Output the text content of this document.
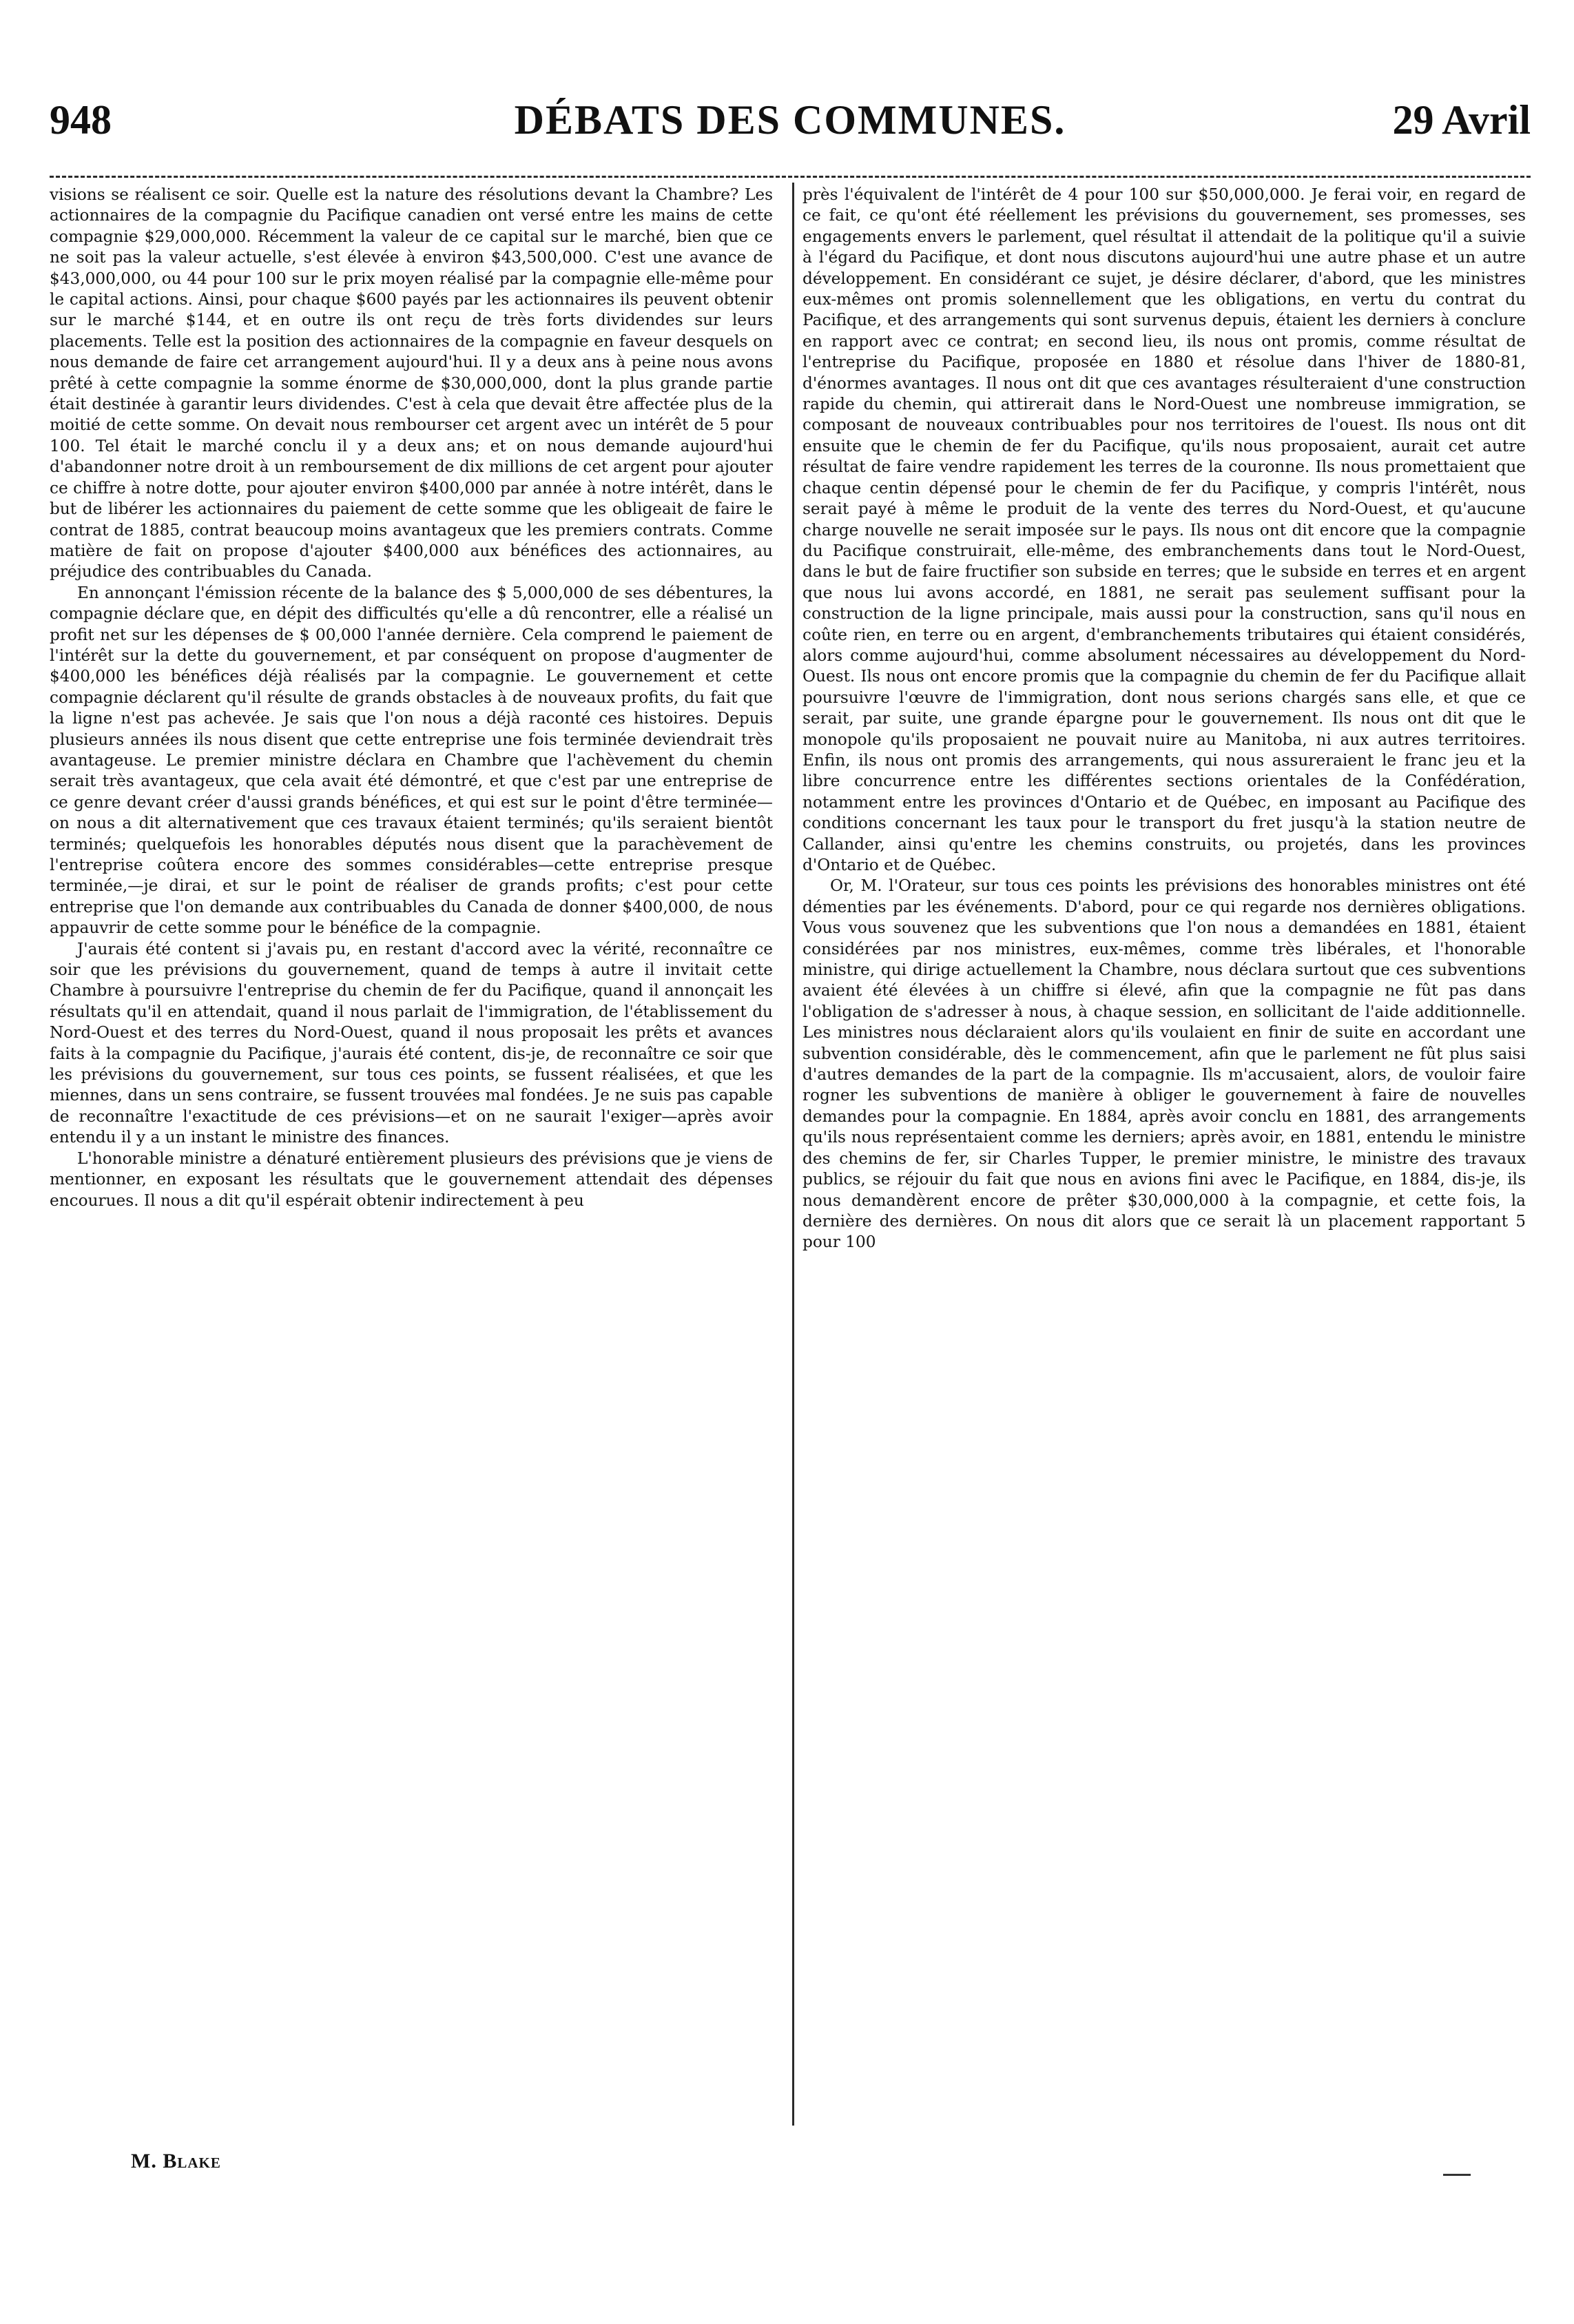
948	DÉBATS DES COMMUNES.	29 Avril

visions se réalisent ce soir. Quelle est la nature des résolutions devant la Chambre? Les actionnaires de la compagnie du Pacifique canadien ont versé entre les mains de cette compagnie $29,000,000. Récemment la valeur de ce capital sur le marché, bien que ce ne soit pas la valeur actuelle, s'est élevée à environ $43,500,000. C'est une avance de $43,000,000, ou 44 pour 100 sur le prix moyen réalisé par la compagnie elle-même pour le capital actions. Ainsi, pour chaque $600 payés par les actionnaires ils peuvent obtenir sur le marché $144, et en outre ils ont reçu de très forts dividendes sur leurs placements. Telle est la position des actionnaires de la compagnie en faveur desquels on nous demande de faire cet arrangement aujourd'hui. Il y a deux ans à peine nous avons prêté à cette compagnie la somme énorme de $30,000,000, dont la plus grande partie était destinée à garantir leurs dividendes. C'est à cela que devait être affectée plus de la moitié de cette somme. On devait nous rembourser cet argent avec un intérêt de 5 pour 100. Tel était le marché conclu il y a deux ans; et on nous demande aujourd'hui d'abandonner notre droit à un remboursement de dix millions de cet argent pour ajouter ce chiffre à notre dotte, pour ajouter environ $400,000 par année à notre intérêt, dans le but de libérer les actionnaires du paiement de cette somme que les obligeait de faire le contrat de 1885, contrat beaucoup moins avantageux que les premiers contrats. Comme matière de fait on propose d'ajouter $400,000 aux bénéfices des actionnaires, au préjudice des contribuables du Canada.

En annonçant l'émission récente de la balance des $ 5,000,000 de ses débentures, la compagnie déclare que, en dépit des difficultés qu'elle a dû rencontrer, elle a réalisé un profit net sur les dépenses de $ 00,000 l'année dernière. Cela comprend le paiement de l'intérêt sur la dette du gouvernement, et par conséquent on propose d'augmenter de $400,000 les bénéfices déjà réalisés par la compagnie. Le gouvernement et cette compagnie déclarent qu'il résulte de grands obstacles à de nouveaux profits, du fait que la ligne n'est pas achevée. Je sais que l'on nous a déjà raconté ces histoires. Depuis plusieurs années ils nous disent que cette entreprise une fois terminée deviendrait très avantageuse. Le premier ministre déclara en Chambre que l'achèvement du chemin serait très avantageux, que cela avait été démontré, et que c'est par une entreprise de ce genre devant créer d'aussi grands bénéfices, et qui est sur le point d'être terminée—on nous a dit alternativement que ces travaux étaient terminés; qu'ils seraient bientôt terminés; quelquefois les honorables députés nous disent que la parachèvement de l'entreprise coûtera encore des sommes considérables—cette entreprise presque terminée,—je dirai, et sur le point de réaliser de grands profits; c'est pour cette entreprise que l'on demande aux contribuables du Canada de donner $400,000, de nous appauvrir de cette somme pour le bénéfice de la compagnie.

J'aurais été content si j'avais pu, en restant d'accord avec la vérité, reconnaître ce soir que les prévisions du gouvernement, quand de temps à autre il invitait cette Chambre à poursuivre l'entreprise du chemin de fer du Pacifique, quand il annonçait les résultats qu'il en attendait, quand il nous parlait de l'immigration, de l'établissement du Nord-Ouest et des terres du Nord-Ouest, quand il nous proposait les prêts et avances faits à la compagnie du Pacifique, j'aurais été content, dis-je, de reconnaître ce soir que les prévisions du gouvernement, sur tous ces points, se fussent réalisées, et que les miennes, dans un sens contraire, se fussent trouvées mal fondées. Je ne suis pas capable de reconnaître l'exactitude de ces prévisions—et on ne saurait l'exiger—après avoir entendu il y a un instant le ministre des finances.

L'honorable ministre a dénaturé entièrement plusieurs des prévisions que je viens de mentionner, en exposant les résultats que le gouvernement attendait des dépenses encourues. Il nous a dit qu'il espérait obtenir indirectement à peu

près l'équivalent de l'intérêt de 4 pour 100 sur $50,000,000. Je ferai voir, en regard de ce fait, ce qu'ont été réellement les prévisions du gouvernement, ses promesses, ses engagements envers le parlement, quel résultat il attendait de la politique qu'il a suivie à l'égard du Pacifique, et dont nous discutons aujourd'hui une autre phase et un autre développement. En considérant ce sujet, je désire déclarer, d'abord, que les ministres eux-mêmes ont promis solennellement que les obligations, en vertu du contrat du Pacifique, et des arrangements qui sont survenus depuis, étaient les derniers à conclure en rapport avec ce contrat; en second lieu, ils nous ont promis, comme résultat de l'entreprise du Pacifique, proposée en 1880 et résolue dans l'hiver de 1880-81, d'énormes avantages. Il nous ont dit que ces avantages résulteraient d'une construction rapide du chemin, qui attirerait dans le Nord-Ouest une nombreuse immigration, se composant de nouveaux contribuables pour nos territoires de l'ouest. Ils nous ont dit ensuite que le chemin de fer du Pacifique, qu'ils nous proposaient, aurait cet autre résultat de faire vendre rapidement les terres de la couronne. Ils nous promettaient que chaque centin dépensé pour le chemin de fer du Pacifique, y compris l'intérêt, nous serait payé à même le produit de la vente des terres du Nord-Ouest, et qu'aucune charge nouvelle ne serait imposée sur le pays. Ils nous ont dit encore que la compagnie du Pacifique construirait, elle-même, des embranchements dans tout le Nord-Ouest, dans le but de faire fructifier son subside en terres; que le subside en terres et en argent que nous lui avons accordé, en 1881, ne serait pas seulement suffisant pour la construction de la ligne principale, mais aussi pour la construction, sans qu'il nous en coûte rien, en terre ou en argent, d'embranchements tributaires qui étaient considérés, alors comme aujourd'hui, comme absolument nécessaires au développement du Nord-Ouest. Ils nous ont encore promis que la compagnie du chemin de fer du Pacifique allait poursuivre l'œuvre de l'immigration, dont nous serions chargés sans elle, et que ce serait, par suite, une grande épargne pour le gouvernement. Ils nous ont dit que le monopole qu'ils proposaient ne pouvait nuire au Manitoba, ni aux autres territoires. Enfin, ils nous ont promis des arrangements, qui nous assureraient le franc jeu et la libre concurrence entre les différentes sections orientales de la Confédération, notamment entre les provinces d'Ontario et de Québec, en imposant au Pacifique des conditions concernant les taux pour le transport du fret jusqu'à la station neutre de Callander, ainsi qu'entre les chemins construits, ou projetés, dans les provinces d'Ontario et de Québec.

Or, M. l'Orateur, sur tous ces points les prévisions des honorables ministres ont été démenties par les événements. D'abord, pour ce qui regarde nos dernières obligations. Vous vous souvenez que les subventions que l'on nous a demandées en 1881, étaient considérées par nos ministres, eux-mêmes, comme très libérales, et l'honorable ministre, qui dirige actuellement la Chambre, nous déclara surtout que ces subventions avaient été élevées à un chiffre si élevé, afin que la compagnie ne fût pas dans l'obligation de s'adresser à nous, à chaque session, en sollicitant de l'aide additionnelle. Les ministres nous déclaraient alors qu'ils voulaient en finir de suite en accordant une subvention considérable, dès le commencement, afin que le parlement ne fût plus saisi d'autres demandes de la part de la compagnie. Ils m'accusaient, alors, de vouloir faire rogner les subventions de manière à obliger le gouvernement à faire de nouvelles demandes pour la compagnie. En 1884, après avoir conclu en 1881, des arrangements qu'ils nous représentaient comme les derniers; après avoir, en 1881, entendu le ministre des chemins de fer, sir Charles Tupper, le premier ministre, le ministre des travaux publics, se réjouir du fait que nous en avions fini avec le Pacifique, en 1884, dis-je, ils nous demandèrent encore de prêter $30,000,000 à la compagnie, et cette fois, la dernière des dernières. On nous dit alors que ce serait là un placement rapportant 5 pour 100

M. Blake
